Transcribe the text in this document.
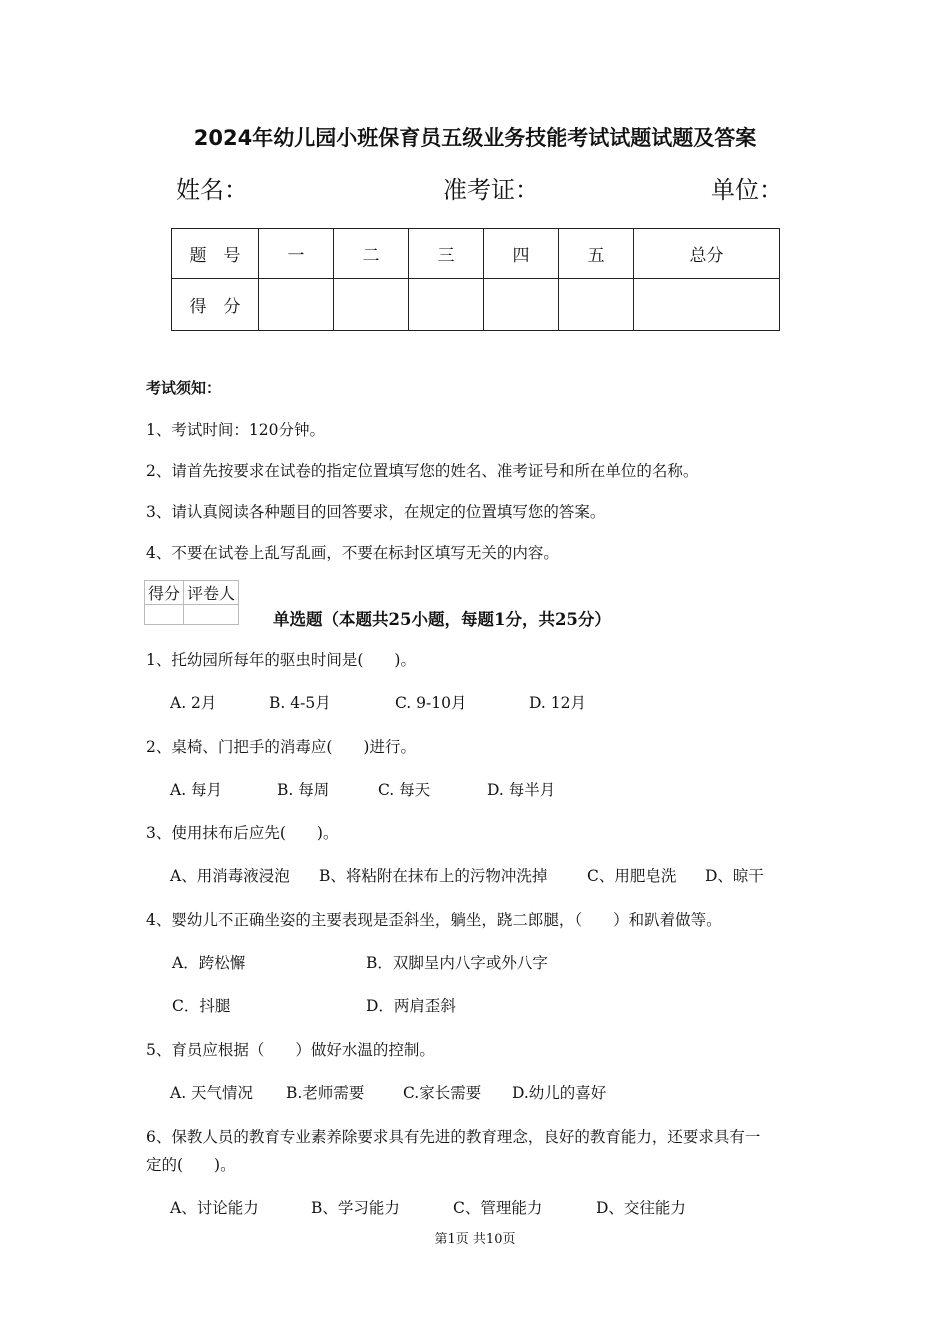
2024年幼儿园小班保育员五级业务技能考试试题试题及答案
姓名：	准考证：	单位：
题　号	一	二	三	四	五	总分
得　分						
考试须知：
1、考试时间：120分钟。
2、请首先按要求在试卷的指定位置填写您的姓名、准考证号和所在单位的名称。
3、请认真阅读各种题目的回答要求，在规定的位置填写您的答案。
4、不要在试卷上乱写乱画，不要在标封区填写无关的内容。
得分	评卷人

单选题（本题共25小题，每题1分，共25分）
1、托幼园所每年的驱虫时间是(　　)。
A. 2月	B. 4-5月	C. 9-10月	D. 12月
2、桌椅、门把手的消毒应(　　)进行。
A. 每月	B. 每周	C. 每天	D. 每半月
3、使用抹布后应先(　　)。
A、用消毒液浸泡 B、将粘附在抹布上的污物冲洗掉	C、用肥皂洗 D、晾干
4、婴幼儿不正确坐姿的主要表现是歪斜坐，躺坐，跷二郎腿，（　　）和趴着做等。
A．跨松懈	B．双脚呈内八字或外八字
C．抖腿	D．两肩歪斜
5、育员应根据（　　）做好水温的控制。
A. 天气情况 B.老师需要 C.家长需要 D.幼儿的喜好
6、保教人员的教育专业素养除要求具有先进的教育理念，良好的教育能力，还要求具有一
定的(　　)。
A、讨论能力	B、学习能力	C、管理能力	D、交往能力
第1页 共10页
